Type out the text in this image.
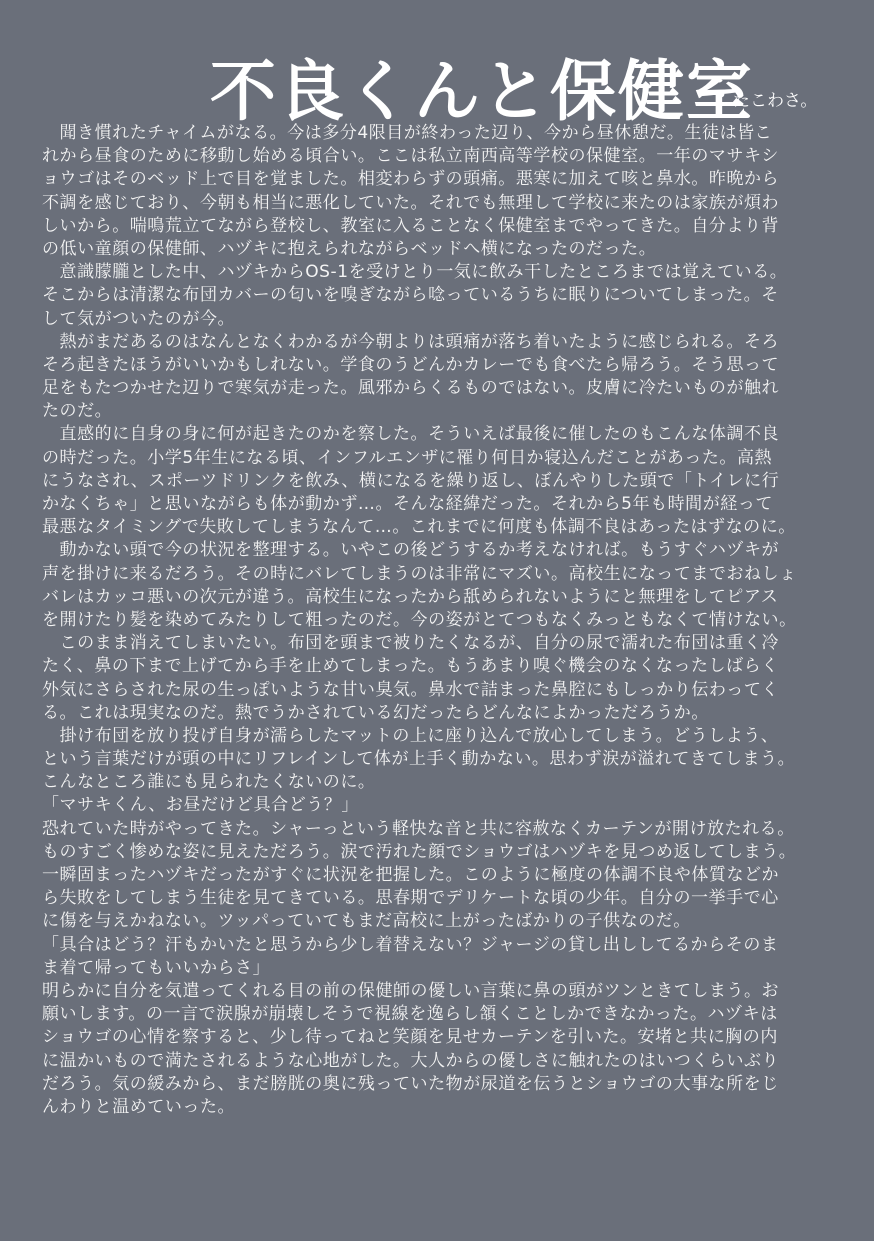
不良くんと保健室
たこわさ。
　聞き慣れたチャイムがなる。今は多分4限目が終わった辺り、今から昼休憩だ。生徒は皆こ
れから昼食のために移動し始める頃合い。ここは私立南西高等学校の保健室。一年のマサキシ
ョウゴはそのベッド上で目を覚ました。相変わらずの頭痛。悪寒に加えて咳と鼻水。昨晩から
不調を感じており、今朝も相当に悪化していた。それでも無理して学校に来たのは家族が煩わ
しいから。喘鳴荒立てながら登校し、教室に入ることなく保健室までやってきた。自分より背
の低い童顔の保健師、ハヅキに抱えられながらベッドへ横になったのだった。
　意識朦朧とした中、ハヅキからOS-1を受けとり一気に飲み干したところまでは覚えている。
そこからは清潔な布団カバーの匂いを嗅ぎながら唸っているうちに眠りについてしまった。そ
して気がついたのが今。
　熱がまだあるのはなんとなくわかるが今朝よりは頭痛が落ち着いたように感じられる。そろ
そろ起きたほうがいいかもしれない。学食のうどんかカレーでも食べたら帰ろう。そう思って
足をもたつかせた辺りで寒気が走った。風邪からくるものではない。皮膚に冷たいものが触れ
たのだ。
　直感的に自身の身に何が起きたのかを察した。そういえば最後に催したのもこんな体調不良
の時だった。小学5年生になる頃、インフルエンザに罹り何日か寝込んだことがあった。高熱
にうなされ、スポーツドリンクを飲み、横になるを繰り返し、ぼんやりした頭で「トイレに行
かなくちゃ」と思いながらも体が動かず…。そんな経緯だった。それから5年も時間が経って
最悪なタイミングで失敗してしまうなんて…。これまでに何度も体調不良はあったはずなのに。
　動かない頭で今の状況を整理する。いやこの後どうするか考えなければ。もうすぐハヅキが
声を掛けに来るだろう。その時にバレてしまうのは非常にマズい。高校生になってまでおねしょ
バレはカッコ悪いの次元が違う。高校生になったから舐められないようにと無理をしてピアス
を開けたり髪を染めてみたりして粗ったのだ。今の姿がとてつもなくみっともなくて情けない。
　このまま消えてしまいたい。布団を頭まで被りたくなるが、自分の尿で濡れた布団は重く冷
たく、鼻の下まで上げてから手を止めてしまった。もうあまり嗅ぐ機会のなくなったしばらく
外気にさらされた尿の生っぽいような甘い臭気。鼻水で詰まった鼻腔にもしっかり伝わってく
る。これは現実なのだ。熱でうかされている幻だったらどんなによかっただろうか。
　掛け布団を放り投げ自身が濡らしたマットの上に座り込んで放心してしまう。どうしよう、
という言葉だけが頭の中にリフレインして体が上手く動かない。思わず涙が溢れてきてしまう。
こんなところ誰にも見られたくないのに。
「マサキくん、お昼だけど具合どう？」
恐れていた時がやってきた。シャーっという軽快な音と共に容赦なくカーテンが開け放たれる。
ものすごく惨めな姿に見えただろう。涙で汚れた顔でショウゴはハヅキを見つめ返してしまう。
一瞬固まったハヅキだったがすぐに状況を把握した。このように極度の体調不良や体質などか
ら失敗をしてしまう生徒を見てきている。思春期でデリケートな頃の少年。自分の一挙手で心
に傷を与えかねない。ツッパっていてもまだ高校に上がったばかりの子供なのだ。
「具合はどう？汗もかいたと思うから少し着替えない？ジャージの貸し出ししてるからそのま
ま着て帰ってもいいからさ」
明らかに自分を気遣ってくれる目の前の保健師の優しい言葉に鼻の頭がツンときてしまう。お
願いします。の一言で涙腺が崩壊しそうで視線を逸らし頷くことしかできなかった。ハヅキは
ショウゴの心情を察すると、少し待ってねと笑顔を見せカーテンを引いた。安堵と共に胸の内
に温かいもので満たされるような心地がした。大人からの優しさに触れたのはいつくらいぶり
だろう。気の緩みから、まだ膀胱の奥に残っていた物が尿道を伝うとショウゴの大事な所をじ
んわりと温めていった。
